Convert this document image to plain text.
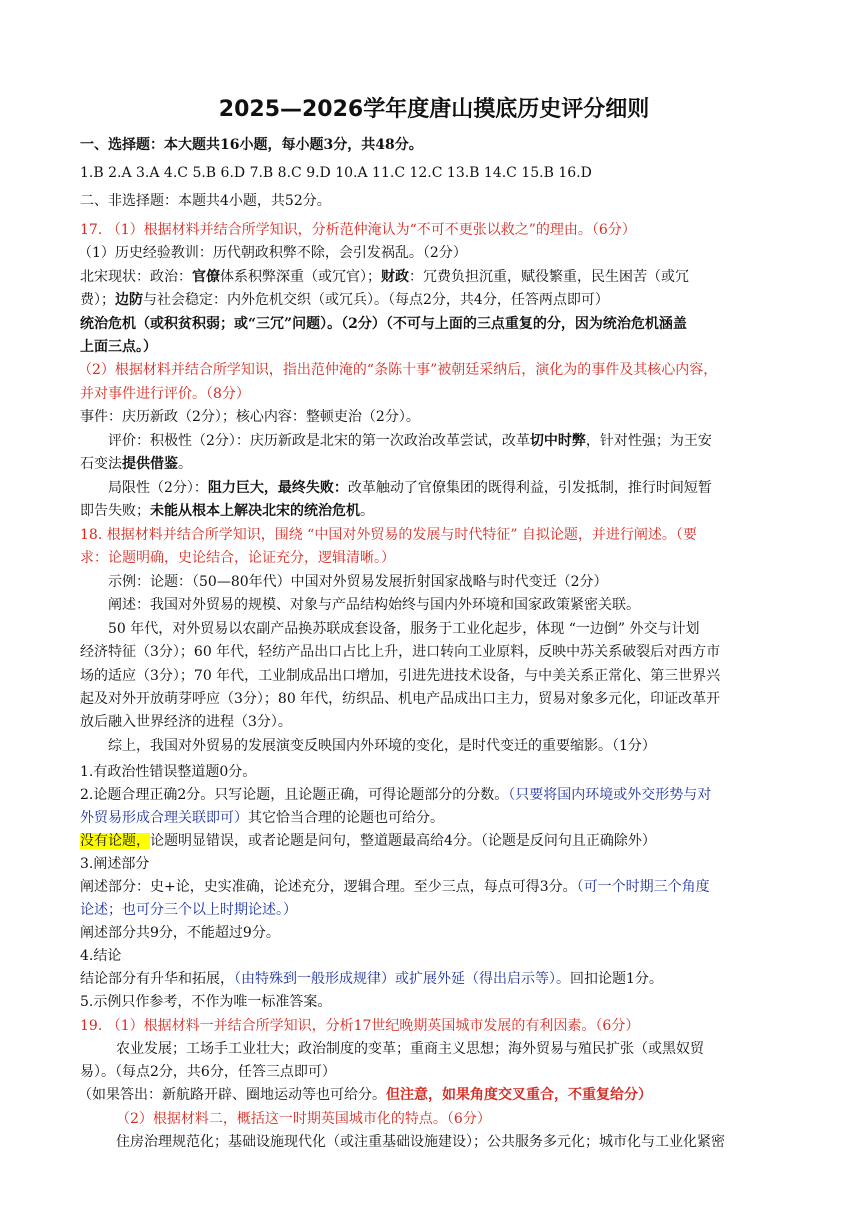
2025—2026学年度唐山摸底历史评分细则
一、选择题：本大题共16小题，每小题3分，共48分。
1.B 2.A 3.A 4.C 5.B 6.D 7.B 8.C 9.D 10.A 11.C 12.C 13.B 14.C 15.B 16.D
二、非选择题：本题共4小题，共52分。
17. （1）根据材料并结合所学知识，分析范仲淹认为“不可不更张以救之”的理由。（6分）
（1）历史经验教训：历代朝政积弊不除，会引发祸乱。（2分）
北宋现状：政治：官僚体系积弊深重（或冗官）；财政：冗费负担沉重，赋役繁重，民生困苦（或冗
费）；边防与社会稳定：内外危机交织（或冗兵）。（每点2分，共4分，任答两点即可）
统治危机（或积贫积弱；或“三冗”问题）。（2分）（不可与上面的三点重复的分，因为统治危机涵盖
上面三点。）
（2）根据材料并结合所学知识，指出范仲淹的“条陈十事”被朝廷采纳后，演化为的事件及其核心内容，
并对事件进行评价。（8分）
事件：庆历新政（2分）；核心内容：整顿吏治（2分）。
评价：积极性（2分）：庆历新政是北宋的第一次政治改革尝试，改革切中时弊，针对性强；为王安
石变法提供借鉴。
局限性（2分）：阻力巨大，最终失败：改革触动了官僚集团的既得利益，引发抵制，推行时间短暂
即告失败；未能从根本上解决北宋的统治危机。
18. 根据材料并结合所学知识，围绕 “中国对外贸易的发展与时代特征” 自拟论题，并进行阐述。（要
求：论题明确，史论结合，论证充分，逻辑清晰。）
示例：论题：（50—80年代）中国对外贸易发展折射国家战略与时代变迁（2分）
阐述：我国对外贸易的规模、对象与产品结构始终与国内外环境和国家政策紧密关联。
50 年代，对外贸易以农副产品换苏联成套设备，服务于工业化起步，体现 “一边倒” 外交与计划
经济特征（3分）；60 年代，轻纺产品出口占比上升，进口转向工业原料，反映中苏关系破裂后对西方市
场的适应（3分）；70 年代，工业制成品出口增加，引进先进技术设备，与中美关系正常化、第三世界兴
起及对外开放萌芽呼应（3分）；80 年代，纺织品、机电产品成出口主力，贸易对象多元化，印证改革开
放后融入世界经济的进程（3分）。
综上，我国对外贸易的发展演变反映国内外环境的变化，是时代变迁的重要缩影。（1分）
1.有政治性错误整道题0分。
2.论题合理正确2分。只写论题，且论题正确，可得论题部分的分数。（只要将国内环境或外交形势与对
外贸易形成合理关联即可）其它恰当合理的论题也可给分。
没有论题，论题明显错误，或者论题是问句，整道题最高给4分。（论题是反问句且正确除外）
3.阐述部分
阐述部分：史+论，史实准确，论述充分，逻辑合理。至少三点，每点可得3分。（可一个时期三个角度
论述；也可分三个以上时期论述。）
阐述部分共9分，不能超过9分。
4.结论
结论部分有升华和拓展，（由特殊到一般形成规律）或扩展外延（得出启示等）。回扣论题1分。
5.示例只作参考，不作为唯一标准答案。
19. （1）根据材料一并结合所学知识，分析17世纪晚期英国城市发展的有利因素。（6分）
农业发展；工场手工业壮大；政治制度的变革；重商主义思想；海外贸易与殖民扩张（或黑奴贸
易）。（每点2分，共6分，任答三点即可）
（如果答出：新航路开辟、圈地运动等也可给分。但注意，如果角度交叉重合，不重复给分）
（2）根据材料二，概括这一时期英国城市化的特点。（6分）
住房治理规范化；基础设施现代化（或注重基础设施建设）；公共服务多元化；城市化与工业化紧密
